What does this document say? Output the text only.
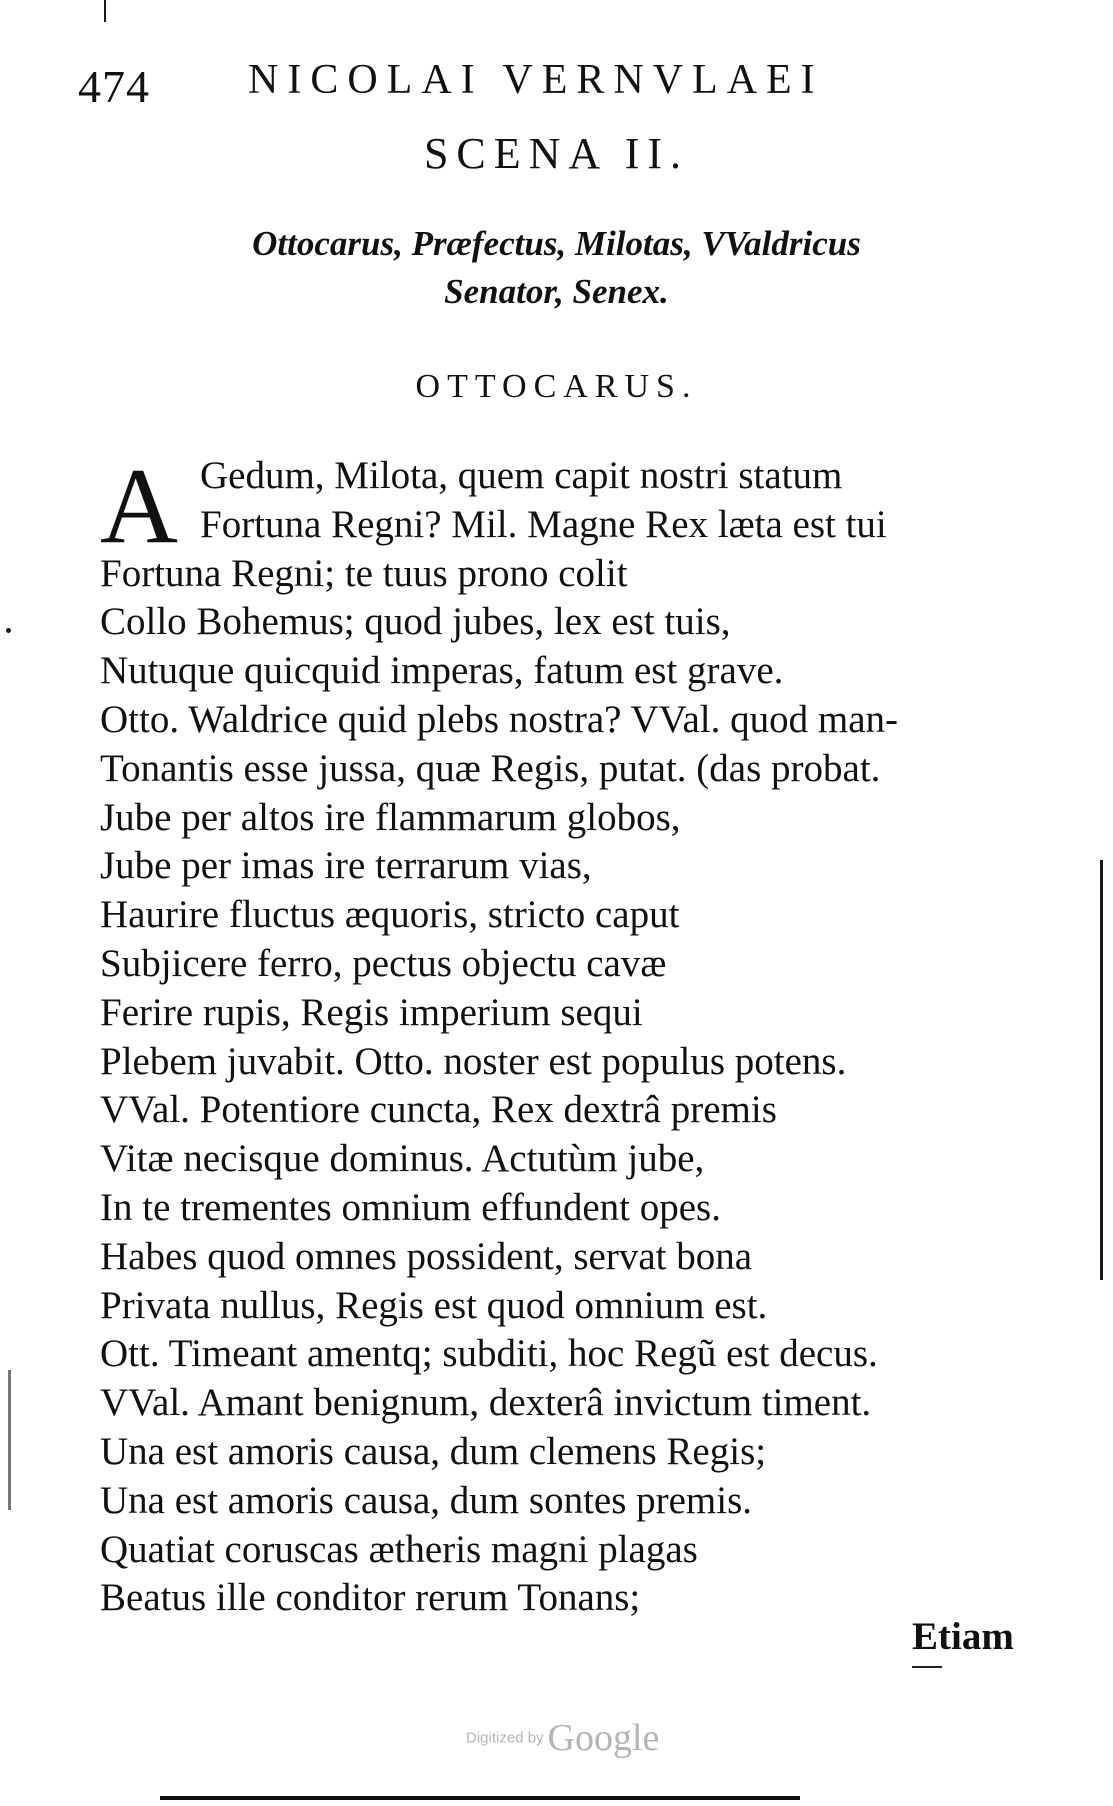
474 NICOLAI VERNVLAEI
SCENA II.
Ottocarus, Præfectus, Milotas, VValdricus
Senator, Senex.
OTTOCARUS.
A Gedum, Milota, quem capit nostri statum
Fortuna Regni? Mil. Magne Rex læta est tui
Fortuna Regni; te tuus prono colit
Collo Bohemus; quod jubes, lex est tuis,
Nutuque quicquid imperas, fatum est grave.
Otto. Waldrice quid plebs nostra? VVal. quod man-
Tonantis esse jussa, quæ Regis, putat. (das probat.
Jube per altos ire flammarum globos,
Jube per imas ire terrarum vias,
Haurire fluctus æquoris, stricto caput
Subjicere ferro, pectus objectu cavæ
Ferire rupis, Regis imperium sequi
Plebem juvabit. Otto. noster est populus potens.
VVal. Potentiore cuncta, Rex dextrâ premis
Vitæ necisque dominus. Actutùm jube,
In te trementes omnium effundent opes.
Habes quod omnes possident, servat bona
Privata nullus, Regis est quod omnium est.
Ott. Timeant amentq; subditi, hoc Regũ est decus.
VVal. Amant benignum, dexterâ invictum timent.
Una est amoris causa, dum clemens Regis;
Una est amoris causa, dum sontes premis.
Quatiat coruscas ætheris magni plagas
Beatus ille conditor rerum Tonans;
Etiam
Digitized by Google
